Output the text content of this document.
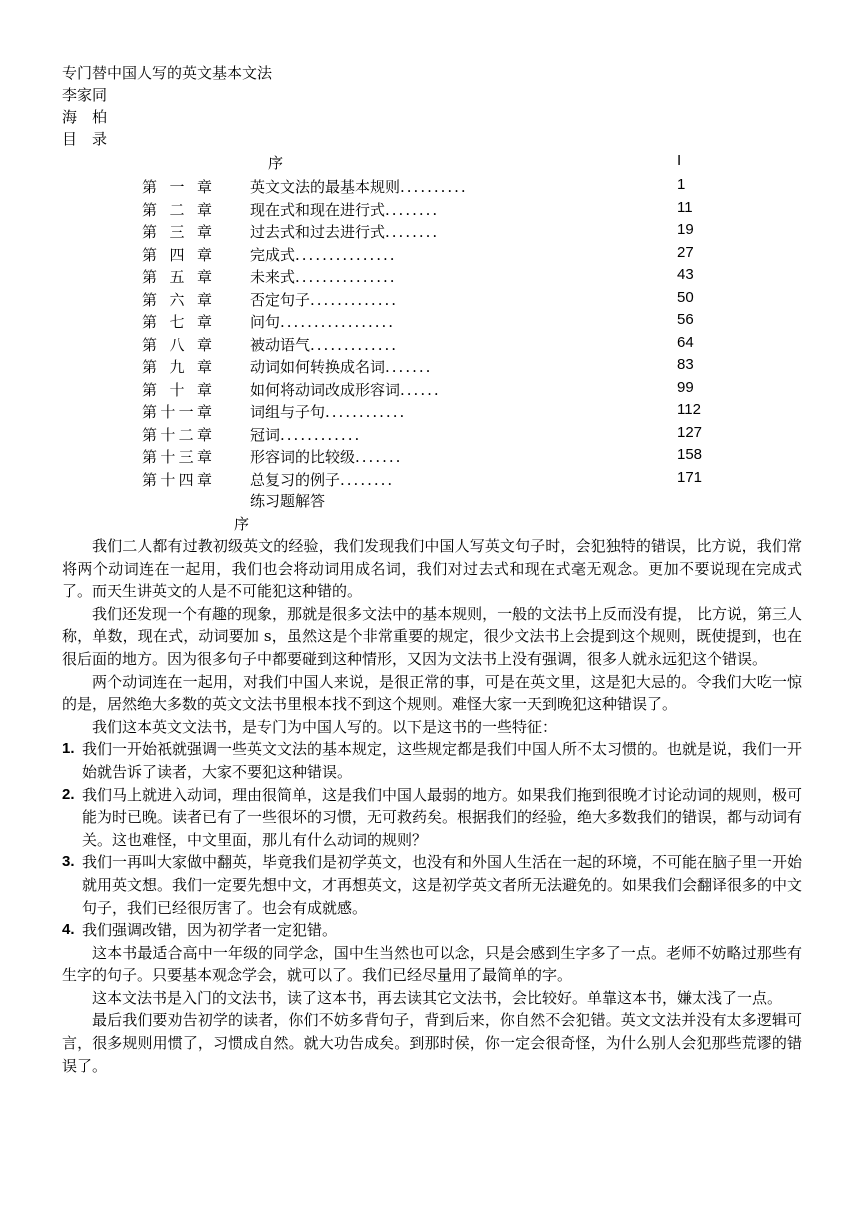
专门替中国人写的英文基本文法
李家同
海　柏
目　录
序	I
第一章	英文文法的最基本规则..........	1
第二章	现在式和现在进行式........	11
第三章	过去式和过去进行式........	19
第四章	完成式...............	27
第五章	未来式...............	43
第六章	否定句子.............	50
第七章	问句.................	56
第八章	被动语气.............	64
第九章	动词如何转换成名词.......	83
第十章	如何将动词改成形容词......	99
第十一章	词组与子句............	112
第十二章	冠词............	127
第十三章	形容词的比较级.......	158
第十四章	总复习的例子........	171
练习题解答
序

我们二人都有过教初级英文的经验，我们发现我们中国人写英文句子时，会犯独特的错误，比方说，我们常将两个动词连在一起用，我们也会将动词用成名词，我们对过去式和现在式毫无观念。更加不要说现在完成式了。而天生讲英文的人是不可能犯这种错的。

我们还发现一个有趣的现象，那就是很多文法中的基本规则，一般的文法书上反而没有提， 比方说，第三人称，单数，现在式，动词要加 s，虽然这是个非常重要的规定，很少文法书上会提到这个规则，既使提到，也在很后面的地方。因为很多句子中都要碰到这种情形，又因为文法书上没有强调，很多人就永远犯这个错误。

两个动词连在一起用，对我们中国人来说，是很正常的事，可是在英文里，这是犯大忌的。令我们大吃一惊的是，居然绝大多数的英文文法书里根本找不到这个规则。难怪大家一天到晚犯这种错误了。

我们这本英文文法书，是专门为中国人写的。以下是这书的一些特征：

1. 我们一开始祇就强调一些英文文法的基本规定，这些规定都是我们中国人所不太习惯的。也就是说，我们一开始就告诉了读者，大家不要犯这种错误。
2. 我们马上就进入动词，理由很简单，这是我们中国人最弱的地方。如果我们拖到很晚才讨论动词的规则，极可能为时已晚。读者已有了一些很坏的习惯，无可救药矣。根据我们的经验，绝大多数我们的错误，都与动词有关。这也难怪，中文里面，那儿有什么动词的规则？
3. 我们一再叫大家做中翻英，毕竟我们是初学英文，也没有和外国人生活在一起的环境，不可能在脑子里一开始就用英文想。我们一定要先想中文，才再想英文，这是初学英文者所无法避免的。如果我们会翻译很多的中文句子，我们已经很厉害了。也会有成就感。
4. 我们强调改错，因为初学者一定犯错。

这本书最适合高中一年级的同学念，国中生当然也可以念，只是会感到生字多了一点。老师不妨略过那些有生字的句子。只要基本观念学会，就可以了。我们已经尽量用了最简单的字。

这本文法书是入门的文法书，读了这本书，再去读其它文法书，会比较好。单靠这本书，嫌太浅了一点。

最后我们要劝告初学的读者，你们不妨多背句子，背到后来，你自然不会犯错。英文文法并没有太多逻辑可言，很多规则用惯了，习惯成自然。就大功告成矣。到那时侯，你一定会很奇怪，为什么别人会犯那些荒谬的错误了。
